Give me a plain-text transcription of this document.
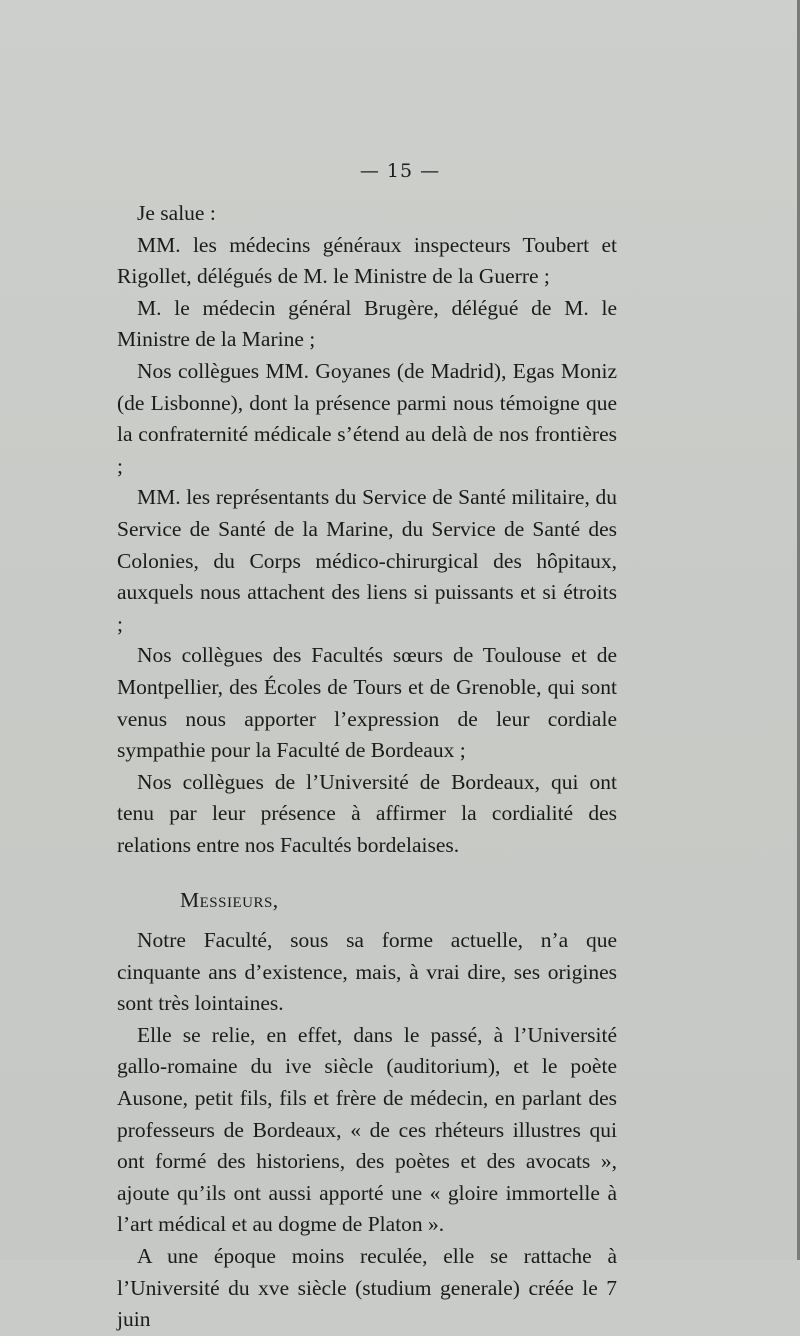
— 15 —

Je salue :

MM. les médecins généraux inspecteurs Toubert et Rigollet, délégués de M. le Ministre de la Guerre ;

M. le médecin général Brugère, délégué de M. le Ministre de la Marine ;

Nos collègues MM. Goyanes (de Madrid), Egas Moniz (de Lisbonne), dont la présence parmi nous témoigne que la confraternité médicale s’étend au delà de nos frontières ;

MM. les représentants du Service de Santé militaire, du Service de Santé de la Marine, du Service de Santé des Colonies, du Corps médico-chirurgical des hôpitaux, auxquels nous attachent des liens si puissants et si étroits ;

Nos collègues des Facultés sœurs de Toulouse et de Montpellier, des Écoles de Tours et de Grenoble, qui sont venus nous apporter l’expression de leur cordiale sympathie pour la Faculté de Bordeaux ;

Nos collègues de l’Université de Bordeaux, qui ont tenu par leur présence à affirmer la cordialité des relations entre nos Facultés bordelaises.

Messieurs,

Notre Faculté, sous sa forme actuelle, n’a que cinquante ans d’existence, mais, à vrai dire, ses origines sont très lointaines.

Elle se relie, en effet, dans le passé, à l’Université gallo-romaine du ive siècle (auditorium), et le poète Ausone, petit fils, fils et frère de médecin, en parlant des professeurs de Bordeaux, « de ces rhéteurs illustres qui ont formé des historiens, des poètes et des avocats », ajoute qu’ils ont aussi apporté une « gloire immortelle à l’art médical et au dogme de Platon ».

A une époque moins reculée, elle se rattache à l’Université du xve siècle (studium generale) créée le 7 juin
